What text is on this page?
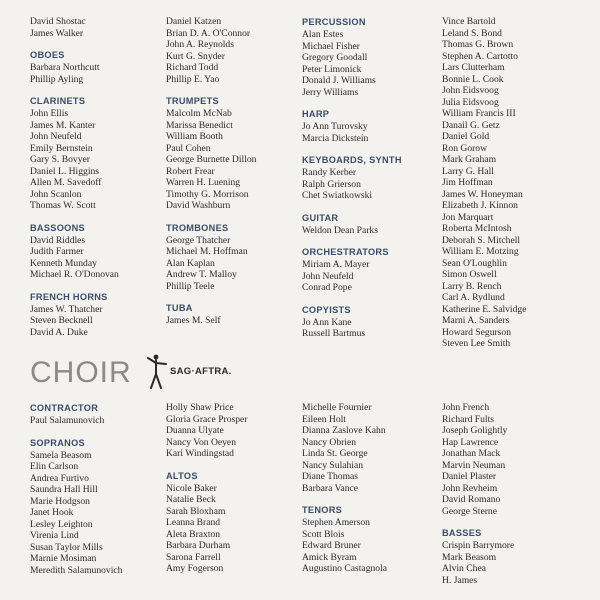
David Shostac
James Walker
OBOES
Barbara Northcutt
Phillip Ayling
CLARINETS
John Ellis
James M. Kanter
John Neufeld
Emily Bernstein
Gary S. Bovyer
Daniel L. Higgins
Allen M. Savedoff
John Scanlon
Thomas W. Scott
BASSOONS
David Riddles
Judith Farmer
Kenneth Munday
Michael R. O'Donovan
FRENCH HORNS
James W. Thatcher
Steven Becknell
David A. Duke
Daniel Katzen
Brian D. A. O'Connor
John A. Reynolds
Kurt G. Snyder
Richard Todd
Phillip E. Yao
TRUMPETS
Malcolm McNab
Marissa Benedict
William Booth
Paul Cohen
George Burnette Dillon
Robert Frear
Warren H. Luening
Timothy G. Morrison
David Washburn
TROMBONES
George Thatcher
Michael M. Hoffman
Alan Kaplan
Andrew T. Malloy
Phillip Teele
TUBA
James M. Self
PERCUSSION
Alan Estes
Michael Fisher
Gregory Goodall
Peter Limonick
Donald J. Williams
Jerry Williams
HARP
Jo Ann Turovsky
Marcia Dickstein
KEYBOARDS, SYNTH
Randy Kerber
Ralph Grierson
Chet Swiatkowski
GUITAR
Weldon Dean Parks
ORCHESTRATORS
Miriam A. Mayer
John Neufeld
Conrad Pope
COPYISTS
Jo Ann Kane
Russell Bartmus
Vince Bartold
Leland S. Bond
Thomas G. Brown
Stephen A. Cartotto
Lars Clutterham
Bonnie L. Cook
John Eidsvoog
Julia Eidsvoog
William Francis III
Danail G. Getz
Daniel Gold
Ron Gorow
Mark Graham
Larry G. Hall
Jim Hoffman
James W. Honeyman
Elizabeth J. Kinnon
Jon Marquart
Roberta McIntosh
Deborah S. Mitchell
William E. Motzing
Sean O'Loughlin
Simon Oswell
Larry B. Rench
Carl A. Rydlund
Katherine E. Salvidge
Marni A. Sanders
Howard Segurson
Steven Lee Smith
CHOIR	SAG·AFTRA.
CONTRACTOR
Paul Salamunovich
SOPRANOS
Samela Beasom
Elin Carlson
Andrea Furtivo
Saundra Hall Hill
Marie Hodgson
Janet Hook
Lesley Leighton
Virenia Lind
Susan Taylor Mills
Marnie Mosiman
Meredith Salamunovich
Holly Shaw Price
Gloria Grace Prosper
Duanna Ulyate
Nancy Von Oeyen
Kari Windingstad
ALTOS
Nicole Baker
Natalie Beck
Sarah Bloxham
Leanna Brand
Aleta Braxton
Barbara Durham
Sarona Farrell
Amy Fogerson
Michelle Fournier
Eileen Holt
Dianna Zaslove Kahn
Nancy Obrien
Linda St. George
Nancy Sulahian
Diane Thomas
Barbara Vance
TENORS
Stephen Amerson
Scott Blois
Edward Bruner
Amick Byram
Augustino Castagnola
John French
Richard Fults
Joseph Golightly
Hap Lawrence
Jonathan Mack
Marvin Neuman
Daniel Plaster
John Revheim
David Romano
George Sterne
BASSES
Crispin Barrymore
Mark Beasom
Alvin Chea
H. James
